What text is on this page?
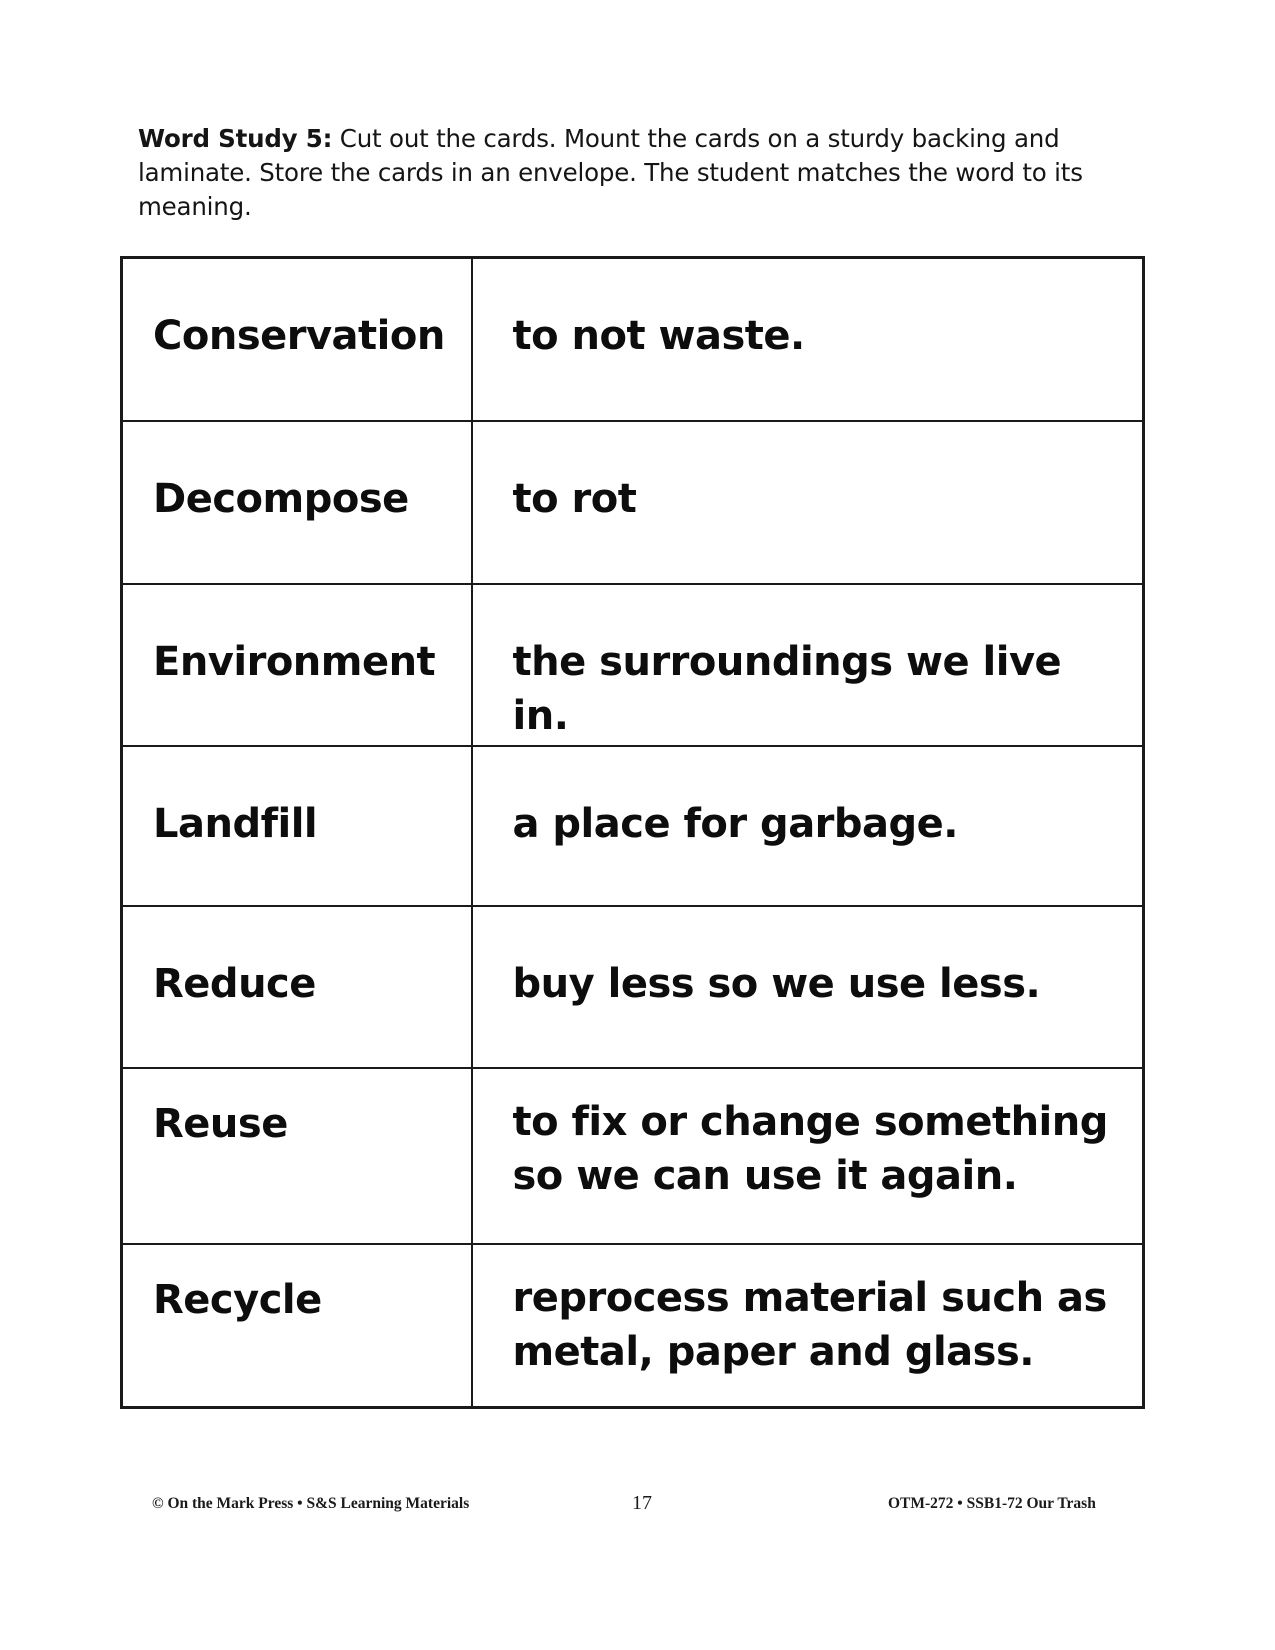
Word Study 5: Cut out the cards. Mount the cards on a sturdy backing and laminate. Store the cards in an envelope. The student matches the word to its meaning.
Conservation	to not waste.
Decompose	to rot
Environment	the surroundings we live in.
Landfill	a place for garbage.
Reduce	buy less so we use less.
Reuse	to fix or change something so we can use it again.
Recycle	reprocess material such as metal, paper and glass.
© On the Mark Press • S&S Learning Materials	17	OTM-272 • SSB1-72 Our Trash
